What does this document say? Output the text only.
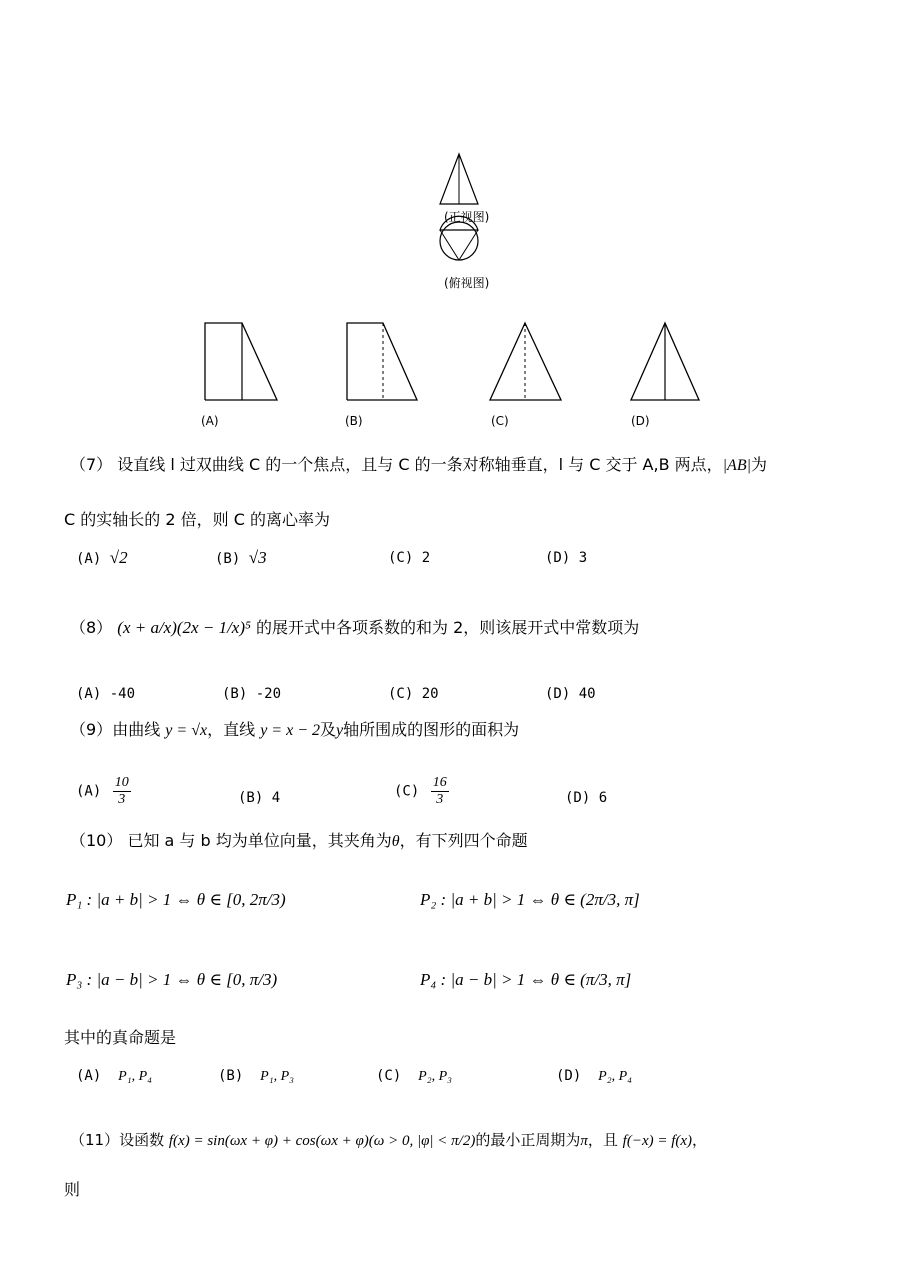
(正视图)
(俯视图)
(A)	(B)	(C)	(D)
（7） 设直线 l 过双曲线 C 的一个焦点，且与 C 的一条对称轴垂直，l 与 C 交于 A,B 两点，|AB|为
C 的实轴长的 2 倍，则 C 的离心率为
(A) √2	(B) √3	(C) 2	(D) 3
（8） (x + a/x)(2x − 1/x)⁵ 的展开式中各项系数的和为 2，则该展开式中常数项为
(A) -40	(B) -20	(C) 20	(D) 40
（9）由曲线 y = √x，直线 y = x − 2及y轴所围成的图形的面积为
$(A) \frac{10}{3}$	(B) 4	$(C) \frac{16}{3}$	(D) 6
（10） 已知 a 与 b 均为单位向量，其夹角为θ，有下列四个命题
P₁ : |a + b| > 1 ⇔ θ ∈ [0, 2π/3)	P₂ : |a + b| > 1 ⇔ θ ∈ (2π/3, π]
P₃ : |a − b| > 1 ⇔ θ ∈ [0, π/3)	P₄ : |a − b| > 1 ⇔ θ ∈ (π/3, π]
其中的真命题是
(A) P₁, P₄	(B) P₁, P₃	(C) P₂, P₃	(D) P₂, P₄
（11）设函数 f(x) = sin(ωx + φ) + cos(ωx + φ)(ω > 0, |φ| < π/2)的最小正周期为π，且 f(−x) = f(x)，
则
